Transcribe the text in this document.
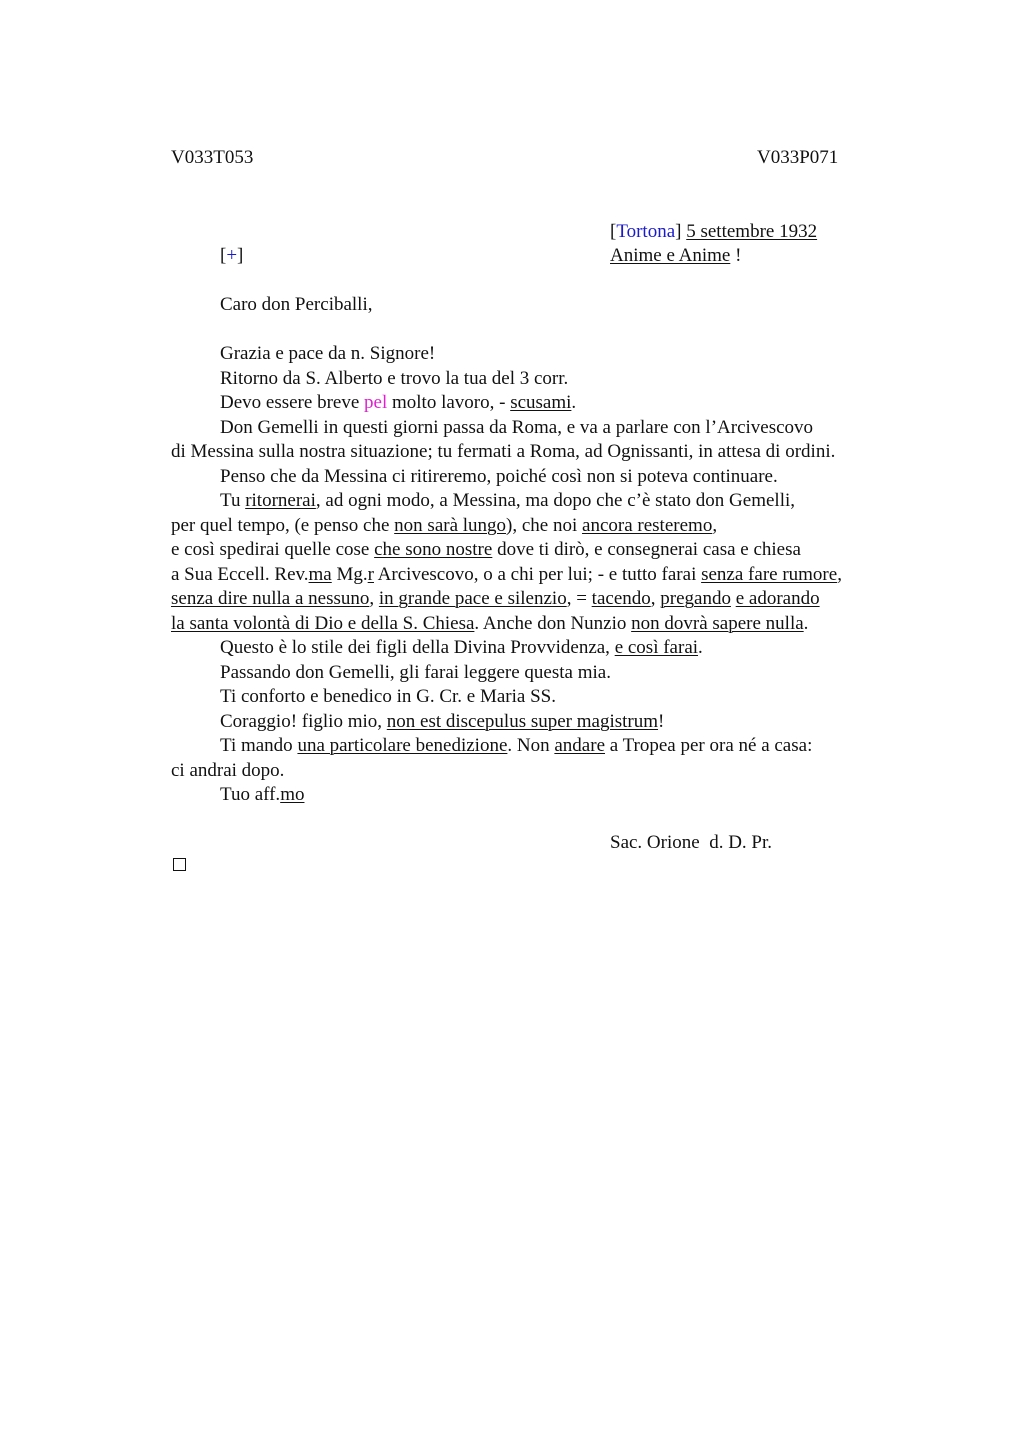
V033T053	V033P071
[Tortona] 5 settembre 1932
[+]	Anime e Anime !
Caro don Perciballi,
Grazia e pace da n. Signore!
Ritorno da S. Alberto e trovo la tua del 3 corr.
Devo essere breve pel molto lavoro, - scusami.
Don Gemelli in questi giorni passa da Roma, e va a parlare con l’Arcivescovo
di Messina sulla nostra situazione; tu fermati a Roma, ad Ognissanti, in attesa di ordini.
Penso che da Messina ci ritireremo, poiché così non si poteva continuare.
Tu ritornerai, ad ogni modo, a Messina, ma dopo che c’è stato don Gemelli,
per quel tempo, (e penso che non sarà lungo), che noi ancora resteremo,
e così spedirai quelle cose che sono nostre dove ti dirò, e consegnerai casa e chiesa
a Sua Eccell. Rev.ma Mg.r Arcivescovo, o a chi per lui; - e tutto farai senza fare rumore,
senza dire nulla a nessuno, in grande pace e silenzio, = tacendo, pregando e adorando
la santa volontà di Dio e della S. Chiesa. Anche don Nunzio non dovrà sapere nulla.
Questo è lo stile dei figli della Divina Provvidenza, e così farai.
Passando don Gemelli, gli farai leggere questa mia.
Ti conforto e benedico in G. Cr. e Maria SS.
Coraggio! figlio mio, non est discepulus super magistrum!
Ti mando una particolare benedizione. Non andare a Tropea per ora né a casa:
ci andrai dopo.
Tuo aff.mo
Sac. Orione  d. D. Pr.
